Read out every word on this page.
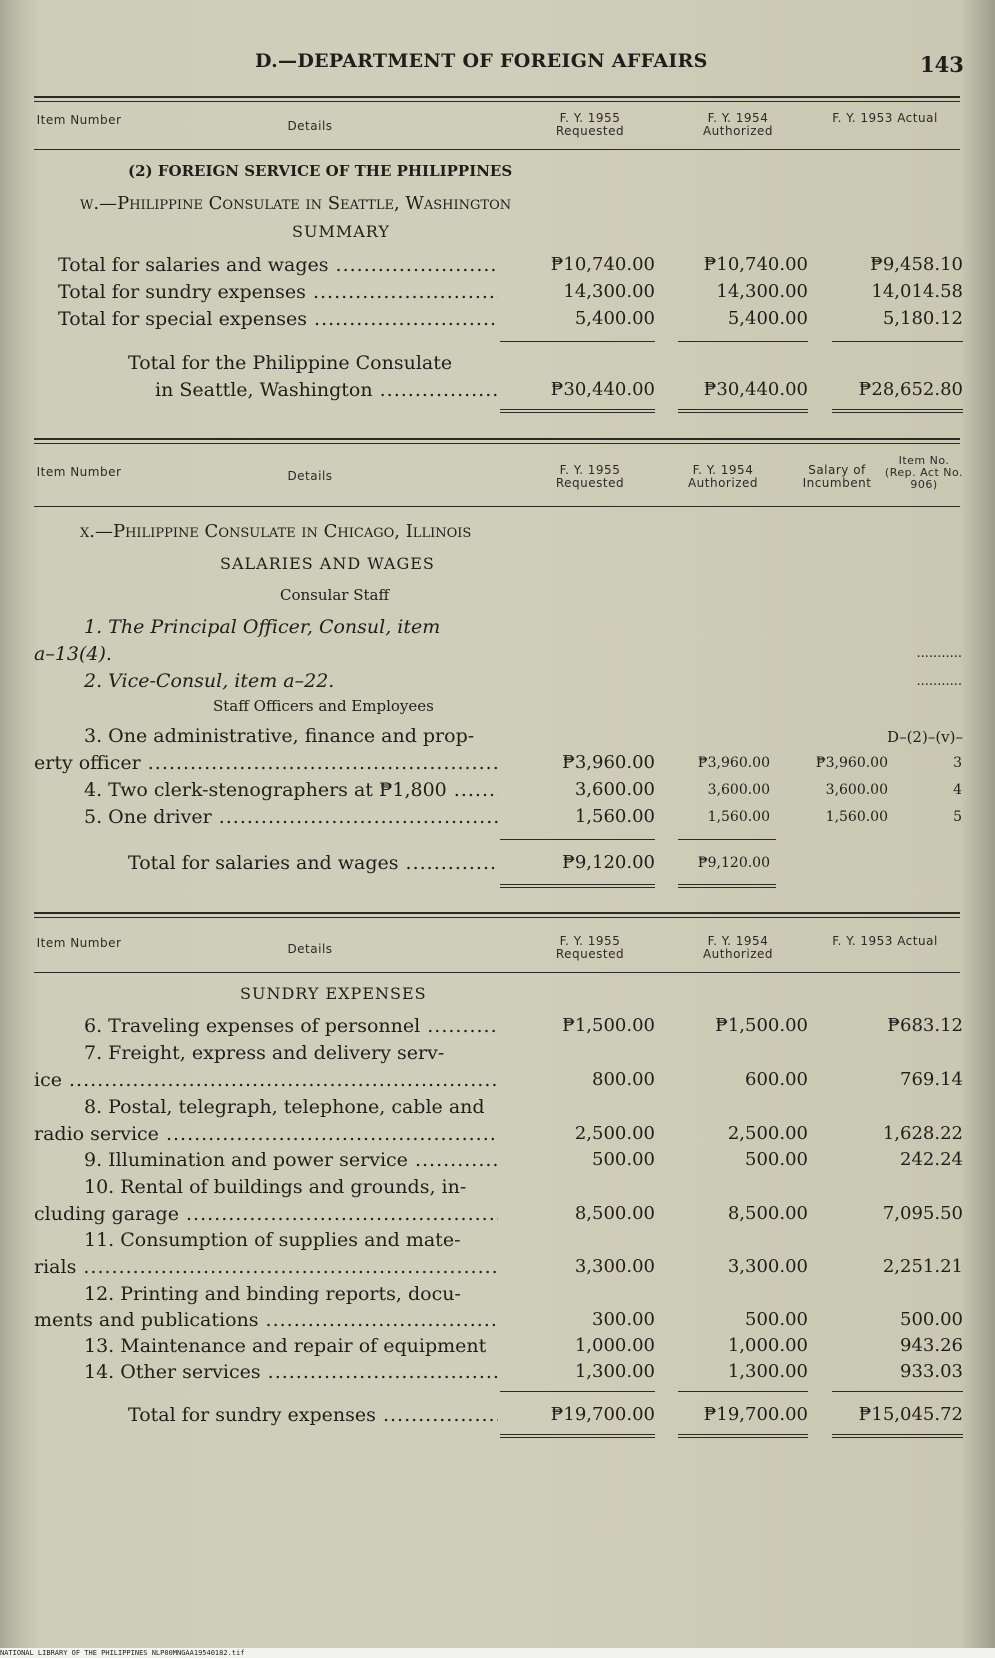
D.—DEPARTMENT OF FOREIGN AFFAIRS	143
Item Number	Details
F. Y. 1955 Requested
F. Y. 1954 Authorized
F. Y. 1953 Actual
(2) FOREIGN SERVICE OF THE PHILIPPINES
w.—Philippine Consulate in Seattle, Washington
SUMMARY
Total for salaries and wages .....	₱10,740.00	₱10,740.00	₱9,458.10
Total for sundry expenses .....	14,300.00	14,300.00	14,014.58
Total for special expenses .....	5,400.00	5,400.00	5,180.12
Total for the Philippine Consulate
in Seattle, Washington .....	₱30,440.00	₱30,440.00	₱28,652.80
Item Number	Details	F. Y. 1955 Requested
F. Y. 1954 Authorized
Salary of Incumbent
Item No. (Rep. Act No. 906)
x.—Philippine Consulate in Chicago, Illinois
SALARIES AND WAGES
Consular Staff
1. The Principal Officer, Consul, item
a–13(4).	...........
2. Vice-Consul, item a–22.	...........
Staff Officers and Employees
3. One administrative, finance and prop-	D–(2)–(v)–
erty officer .....	₱3,960.00	₱3,960.00	₱3,960.00	3
4. Two clerk-stenographers at ₱1,800 .....	3,600.00	3,600.00	3,600.00	4
5. One driver .....	1,560.00	1,560.00	1,560.00	5
Total for salaries and wages .....	₱9,120.00	₱9,120.00
Item Number	Details
F. Y. 1955 Requested
F. Y. 1954 Authorized
F. Y. 1953 Actual
SUNDRY EXPENSES
6. Traveling expenses of personnel .....	₱1,500.00	₱1,500.00	₱683.12
7. Freight, express and delivery serv-
ice .....	800.00	600.00	769.14
8. Postal, telegraph, telephone, cable and
radio service .....	2,500.00	2,500.00	1,628.22
9. Illumination and power service .....	500.00	500.00	242.24
10. Rental of buildings and grounds, in-
cluding garage .....	8,500.00	8,500.00	7,095.50
11. Consumption of supplies and mate-
rials .....	3,300.00	3,300.00	2,251.21
12. Printing and binding reports, docu-
ments and publications .....	300.00	500.00	500.00
13. Maintenance and repair of equipment	1,000.00	1,000.00	943.26
14. Other services .....	1,300.00	1,300.00	933.03
Total for sundry expenses .....	₱19,700.00	₱19,700.00	₱15,045.72
NATIONAL LIBRARY OF THE PHILIPPINES NLP00MNGAA19540182.tif
